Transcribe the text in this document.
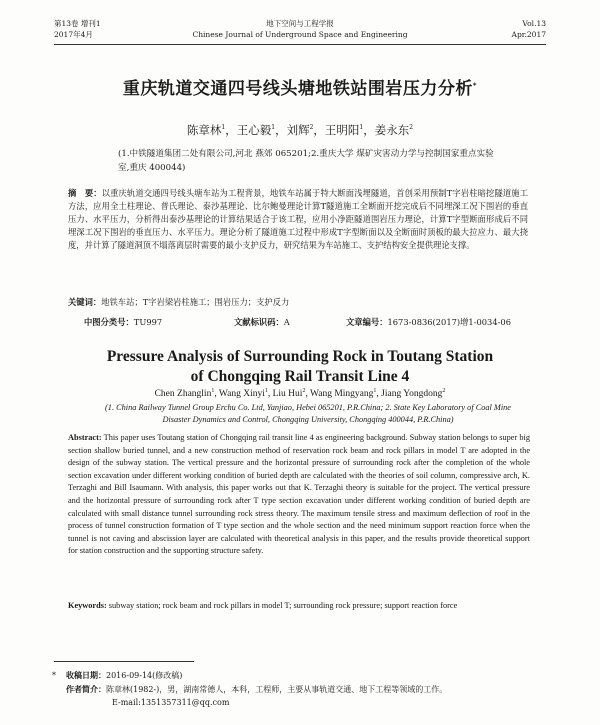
第13卷 增刊1
2017年4月
地下空间与工程学报
Chinese Journal of Underground Space and Engineering
Vol.13
Apr.2017
重庆轨道交通四号线头塘地铁站围岩压力分析*
陈章林$^1$，王心毅$^1$，刘辉$^2$，王明阳$^1$，姜永东$^2$
(1.中铁隧道集团二处有限公司,河北 燕郊 065201;2.重庆大学 煤矿灾害动力学与控制国家重点实验室,重庆 400044)
摘　要：以重庆轨道交通四号线头塘车站为工程背景，地铁车站属于特大断面浅埋隧道，首创采用预制T字岩柱暗挖隧道施工方法，应用全土柱理论、普氏理论、泰沙基理论、比尔鲍曼理论计算T隧道施工全断面开挖完成后不同埋深工况下围岩的垂直压力、水平压力，分析得出泰沙基理论的计算结果适合于该工程，应用小净距隧道围岩压力理论，计算T字型断面形成后不同埋深工况下围岩的垂直压力、水平压力。理论分析了隧道施工过程中形成T字型断面以及全断面时顶板的最大拉应力、最大挠度，并计算了隧道洞顶不塌落离层时需要的最小支护反力，研究结果为车站施工、支护结构安全提供理论支撑。
关键词：地铁车站；T字岩梁岩柱施工；围岩压力；支护反力
中图分类号：TU997	文献标识码：A	文章编号：1673-0836(2017)增1-0034-06
Pressure Analysis of Surrounding Rock in Toutang Station
of Chongqing Rail Transit Line 4
Chen Zhanglin$^1$, Wang Xinyi$^1$, Liu Hui$^2$, Wang Mingyang$^1$, Jiang Yongdong$^2$
(1. China Railway Tunnel Group Erchu Co. Ltd, Yanjiao, Hebei 065201, P.R.China; 2. State Key Laboratory of Coal Mine Disaster Dynamics and Control, Chongqing University, Chongqing 400044, P.R.China)
Abstract: This paper uses Toutang station of Chongqing rail transit line 4 as engineering background. Subway station belongs to super big section shallow buried tunnel, and a new construction method of reservation rock beam and rock pillars in model T are adopted in the design of the subway station. The vertical pressure and the horizontal pressure of surrounding rock after the completion of the whole section excavation under different working condition of buried depth are calculated with the theories of soil column, compressive arch, K. Terzaghi and Bill Isaumann. With analysis, this paper works out that K. Terzaghi theory is suitable for the project. The vertical pressure and the horizontal pressure of surrounding rock after T type section excavation under different working condition of buried depth are calculated with small distance tunnel surrounding rock stress theory. The maximum tensile stress and maximum deflection of roof in the process of tunnel construction formation of T type section and the whole section and the need minimum support reaction force when the tunnel is not caving and abscission layer are calculated with theoretical analysis in this paper, and the results provide theoretical support for station construction and the supporting structure safety.
Keywords: subway station; rock beam and rock pillars in model T; surrounding rock pressure; support reaction force
* 收稿日期：2016-09-14(修改稿)
作者简介：陈章林(1982-)，男，湖南常德人，本科，工程师，主要从事轨道交通、地下工程等领域的工作。
E-mail:1351357311@qq.com
